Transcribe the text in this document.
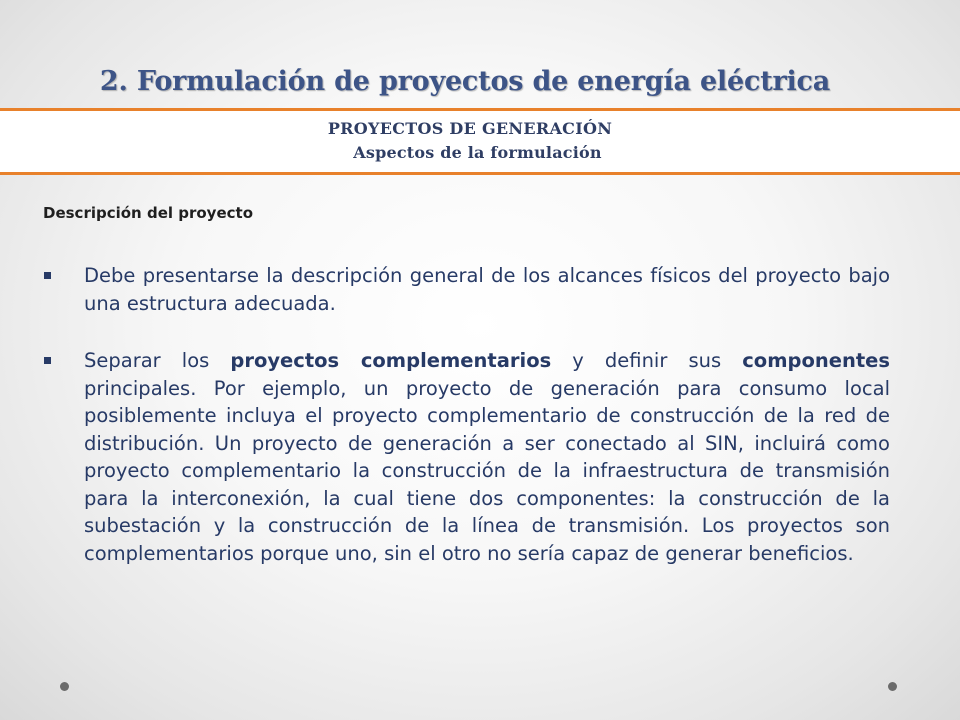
2. Formulación de proyectos de energía eléctrica
PROYECTOS DE GENERACIÓN
Aspectos de la formulación
Descripción del proyecto
Debe presentarse la descripción general de los alcances físicos del proyecto bajo una estructura adecuada.
Separar los proyectos complementarios y definir sus componentes principales. Por ejemplo, un proyecto de generación para consumo local posiblemente incluya el proyecto complementario de construcción de la red de distribución. Un proyecto de generación a ser conectado al SIN, incluirá como proyecto complementario la construcción de la infraestructura de transmisión para la interconexión, la cual tiene dos componentes: la construcción de la subestación y la construcción de la línea de transmisión. Los proyectos son complementarios porque uno, sin el otro no sería capaz de generar beneficios.
